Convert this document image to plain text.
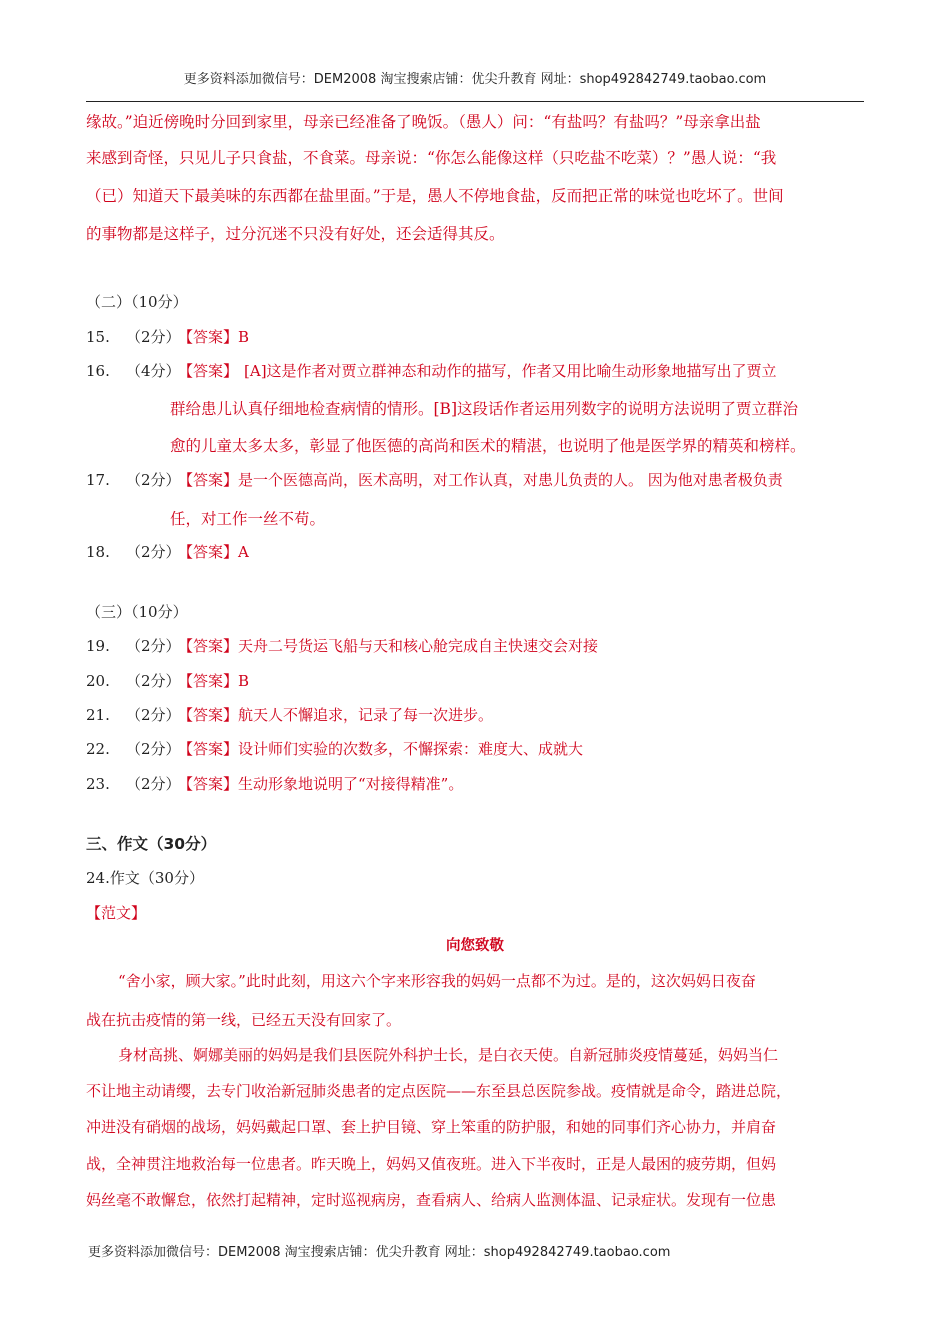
更多资料添加微信号：DEM2008 淘宝搜索店铺：优尖升教育 网址：shop492842749.taobao.com
缘故。”迫近傍晚时分回到家里，母亲已经准备了晚饭。（愚人）问：“有盐吗？有盐吗？”母亲拿出盐
来感到奇怪，只见儿子只食盐，不食菜。母亲说：“你怎么能像这样（只吃盐不吃菜）？”愚人说：“我
（已）知道天下最美味的东西都在盐里面。”于是，愚人不停地食盐，反而把正常的味觉也吃坏了。世间
的事物都是这样子，过分沉迷不只没有好处，还会适得其反。
（二）（10分）
15. （2分）【答案】B
16. （4分）【答案】 [A]这是作者对贾立群神态和动作的描写，作者又用比喻生动形象地描写出了贾立
群给患儿认真仔细地检查病情的情形。[B]这段话作者运用列数字的说明方法说明了贾立群治
愈的儿童太多太多，彰显了他医德的高尚和医术的精湛，也说明了他是医学界的精英和榜样。
17. （2分）【答案】是一个医德高尚，医术高明，对工作认真，对患儿负责的人。 因为他对患者极负责
任，对工作一丝不苟。
18. （2分）【答案】A
（三）（10分）
19. （2分）【答案】天舟二号货运飞船与天和核心舱完成自主快速交会对接
20. （2分）【答案】B
21. （2分）【答案】航天人不懈追求，记录了每一次进步。
22. （2分）【答案】设计师们实验的次数多，不懈探索：难度大、成就大
23. （2分）【答案】生动形象地说明了“对接得精准”。
三、作文（30分）
24.作文（30分）
【范文】
向您致敬
“舍小家，顾大家。”此时此刻，用这六个字来形容我的妈妈一点都不为过。是的，这次妈妈日夜奋
战在抗击疫情的第一线，已经五天没有回家了。
身材高挑、婀娜美丽的妈妈是我们县医院外科护士长，是白衣天使。自新冠肺炎疫情蔓延，妈妈当仁
不让地主动请缨，去专门收治新冠肺炎患者的定点医院——东至县总医院参战。疫情就是命令，踏进总院，
冲进没有硝烟的战场，妈妈戴起口罩、套上护目镜、穿上笨重的防护服，和她的同事们齐心协力，并肩奋
战，全神贯注地救治每一位患者。昨天晚上，妈妈又值夜班。进入下半夜时，正是人最困的疲劳期，但妈
妈丝毫不敢懈怠，依然打起精神，定时巡视病房，查看病人、给病人监测体温、记录症状。发现有一位患
更多资料添加微信号：DEM2008 淘宝搜索店铺：优尖升教育 网址：shop492842749.taobao.com
